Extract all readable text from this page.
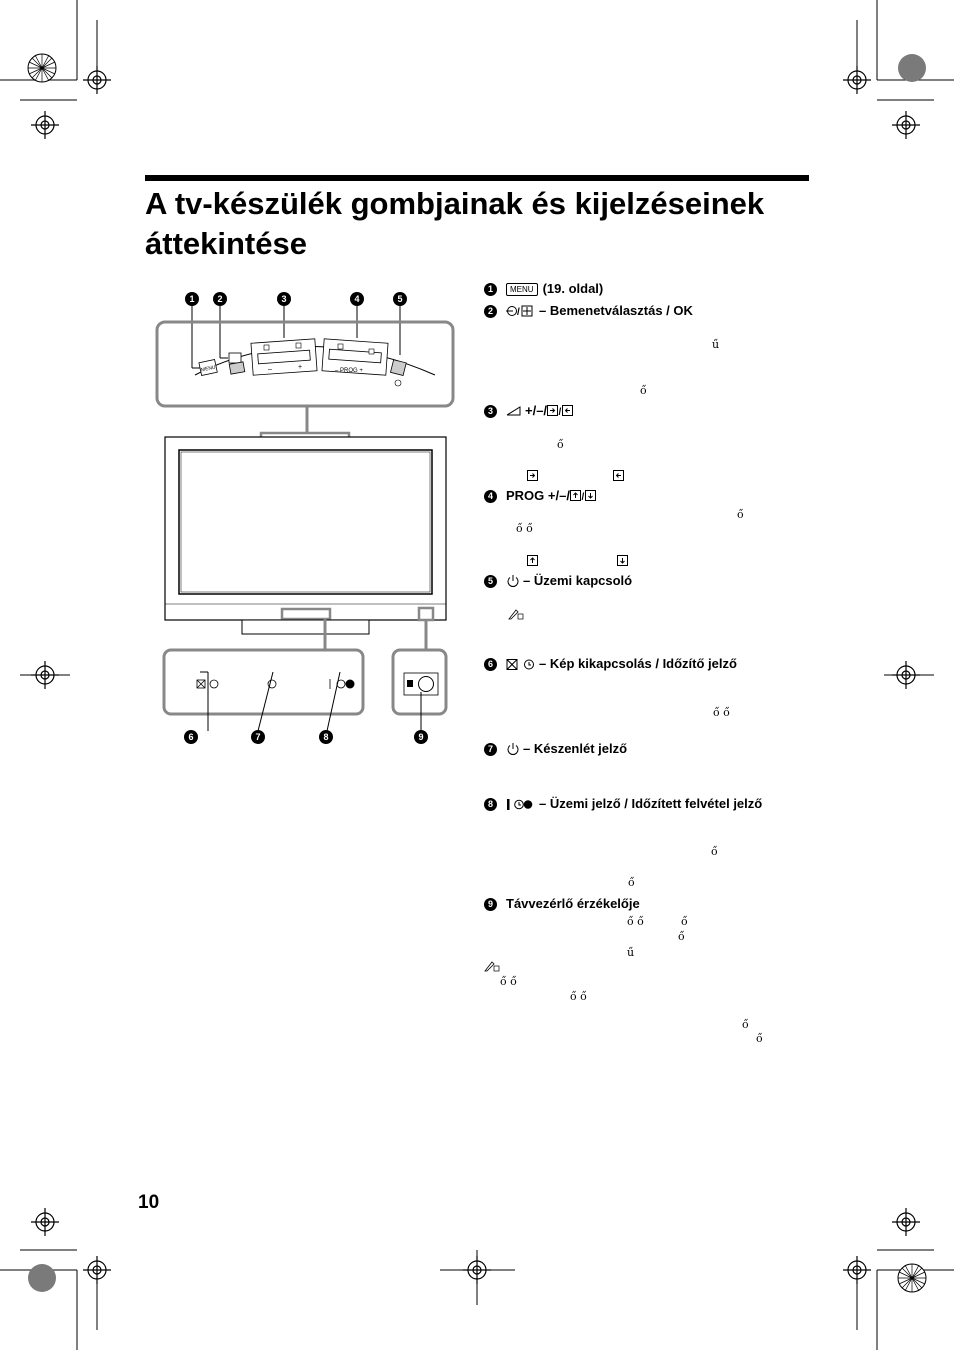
A tv-készülék gombjainak és kijelzéseinek
áttekintése
1	2	3	4	5
MENU	–	+	– PROG +
6	7	8	9
1	MENU (19. oldal)
2	/ – Bemenetválasztás / OK
3	+/–/ /
4	PROG +/–/ /
5	– Üzemi kapcsoló
6	– Kép kikapcsolás / Időzítő jelző
7	– Készenlét jelző
8	– Üzemi jelző / Időzített felvétel jelző
9	Távvezérlő érzékelője
ű
ő
ő
ő
ő ő
ő ő
ő ő
ő
ő
ő ő
ő
ő
ű
ő ő
ő
ő
10
